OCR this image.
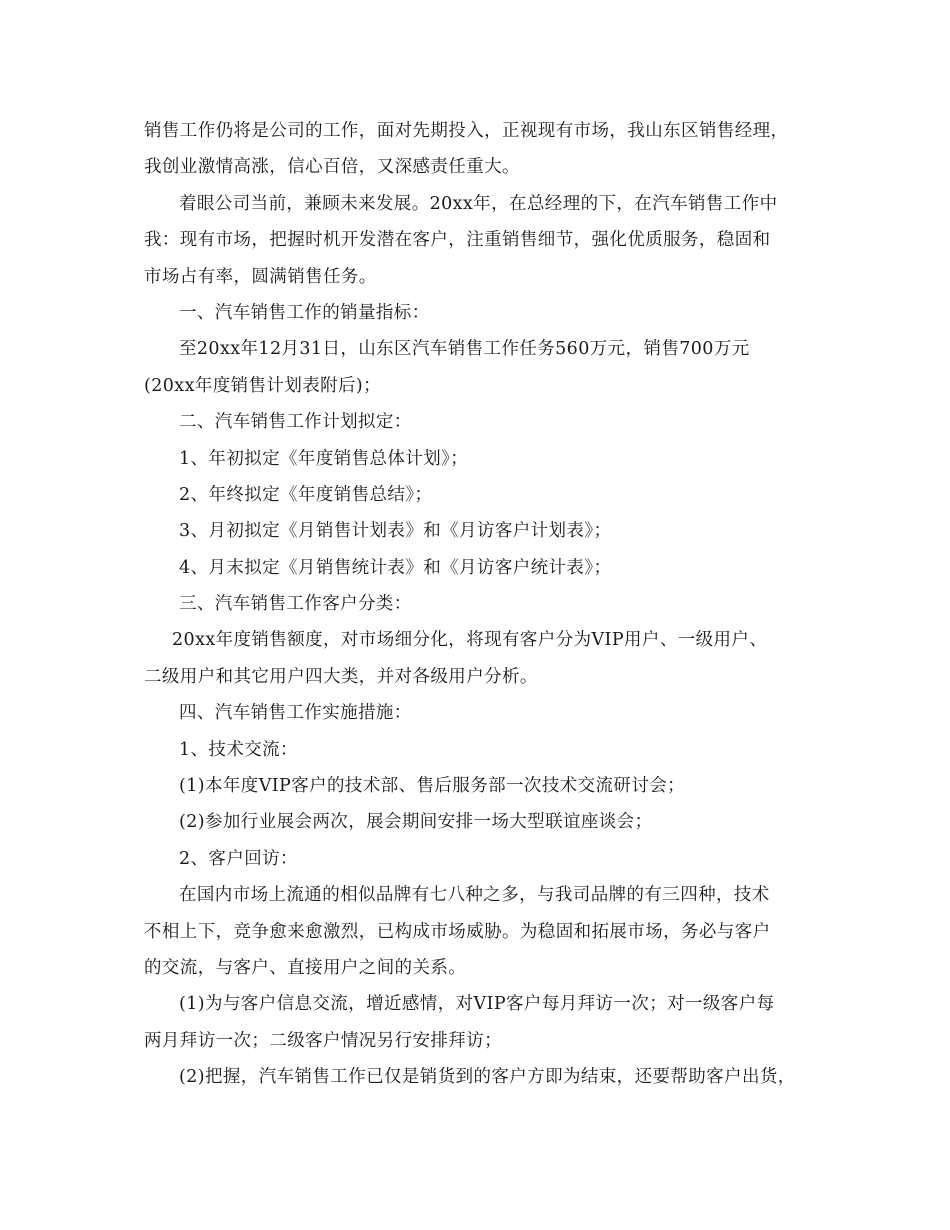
销售工作仍将是公司的工作，面对先期投入，正视现有市场，我山东区销售经理，
我创业激情高涨，信心百倍，又深感责任重大。

着眼公司当前，兼顾未来发展。20xx年，在总经理的下，在汽车销售工作中
我：现有市场，把握时机开发潜在客户，注重销售细节，强化优质服务，稳固和
市场占有率，圆满销售任务。

一、汽车销售工作的销量指标：

至20xx年12月31日，山东区汽车销售工作任务560万元，销售700万元
(20xx年度销售计划表附后)；

二、汽车销售工作计划拟定：

1、年初拟定《年度销售总体计划》；

2、年终拟定《年度销售总结》；

3、月初拟定《月销售计划表》和《月访客户计划表》；

4、月末拟定《月销售统计表》和《月访客户统计表》；

三、汽车销售工作客户分类：

20xx年度销售额度，对市场细分化，将现有客户分为VIP用户、一级用户、
二级用户和其它用户四大类，并对各级用户分析。

四、汽车销售工作实施措施：

1、技术交流：

(1)本年度VIP客户的技术部、售后服务部一次技术交流研讨会；

(2)参加行业展会两次，展会期间安排一场大型联谊座谈会；

2、客户回访：

在国内市场上流通的相似品牌有七八种之多，与我司品牌的有三四种，技术
不相上下，竞争愈来愈激烈，已构成市场威胁。为稳固和拓展市场，务必与客户
的交流，与客户、直接用户之间的关系。

(1)为与客户信息交流，增近感情，对VIP客户每月拜访一次；对一级客户每
两月拜访一次；二级客户情况另行安排拜访；

(2)把握，汽车销售工作已仅是销货到的客户方即为结束，还要帮助客户出货，
